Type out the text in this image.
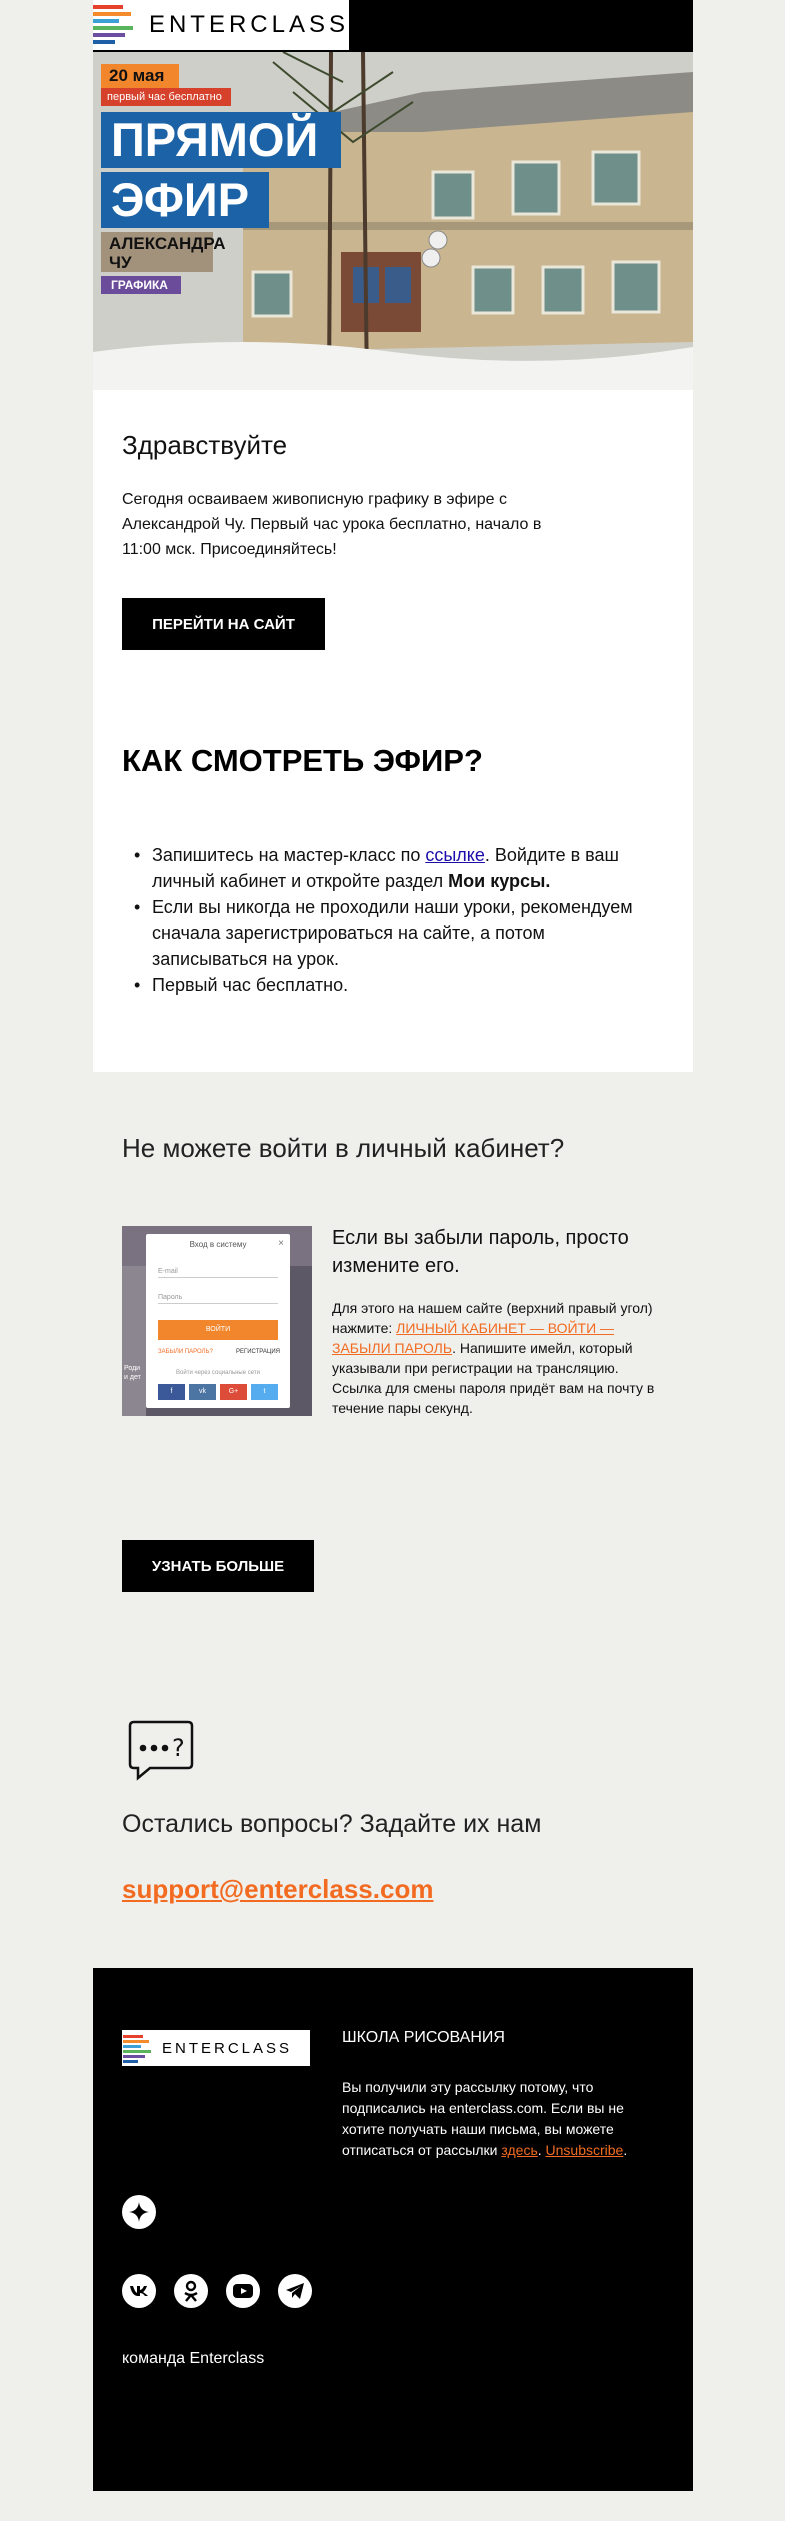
ENTERCLASS
20 мая
первый час бесплатно
ПРЯМОЙ
ЭФИР
АЛЕКСАНДРА
ЧУ
ГРАФИКА
Здравствуйте

Сегодня осваиваем живописную графику в эфире с Александрой Чу. Первый час урока бесплатно, начало в 11:00 мск. Присоединяйтесь!

ПЕРЕЙТИ НА САЙТ
КАК СМОТРЕТЬ ЭФИР?
• Запишитесь на мастер-класс по ссылке. Войдите в ваш личный кабинет и откройте раздел Мои курсы.
• Если вы никогда не проходили наши уроки, рекомендуем сначала зарегистрироваться на сайте, а потом записываться на урок.
• Первый час бесплатно.
Не можете войти в личный кабинет?
Роди и дет
Вход в систему	×
E-mail
Пароль
ВОЙТИ
ЗАБЫЛИ ПАРОЛЬ?	РЕГИСТРАЦИЯ
Войти через социальные сети
f	vk	G+	t
Если вы забыли пароль, просто измените его.

Для этого на нашем сайте (верхний правый угол) нажмите: ЛИЧНЫЙ КАБИНЕТ — ВОЙТИ — ЗАБЫЛИ ПАРОЛЬ. Напишите имейл, который указывали при регистрации на трансляцию. Ссылка для смены пароля придёт вам на почту в течение пары секунд.

УЗНАТЬ БОЛЬШЕ
?
Остались вопросы? Задайте их нам
support@enterclass.com
ENTERCLASS
ШКОЛА РИСОВАНИЯ

Вы получили эту рассылку потому, что подписались на enterclass.com. Если вы не хотите получать наши письма, вы можете отписаться от рассылки здесь. Unsubscribe.

команда Enterclass
